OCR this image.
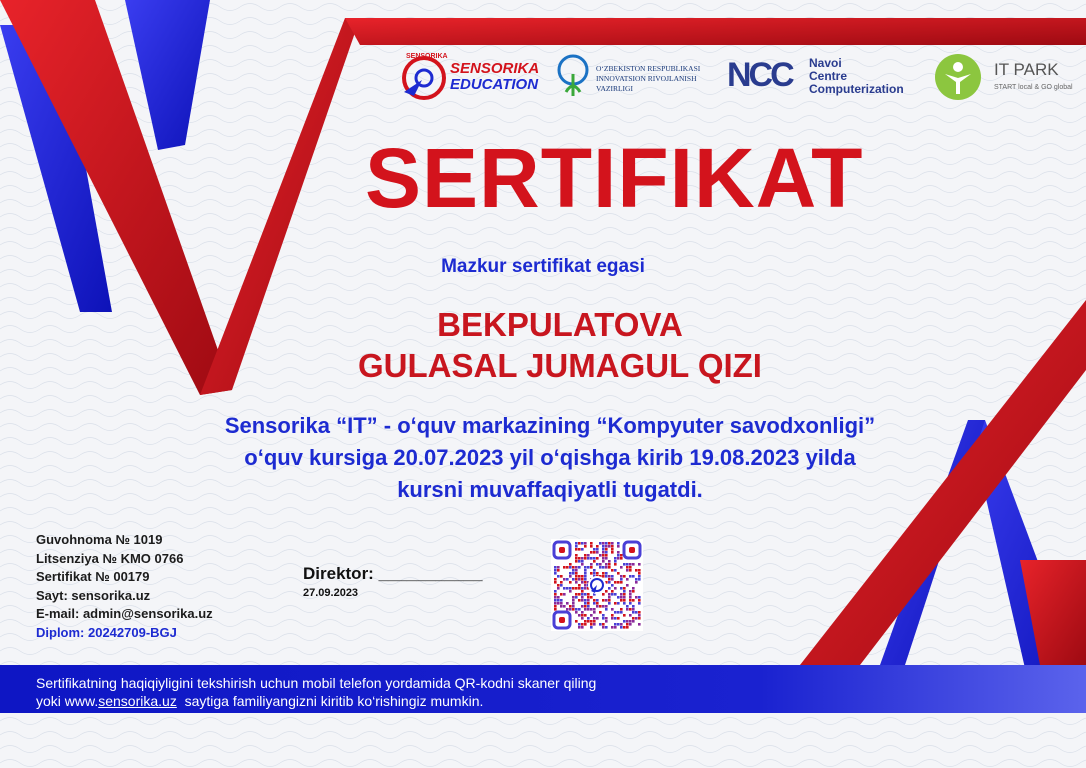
SENSORIKA
SENSORIKA
EDUCATION
O‘ZBEKISTON RESPUBLIKASI
INNOVATSION RIVOJLANISH
VAZIRLIGI	NCC Navoi
Centre
Computerization
IT PARK
START local & GO global
SERTIFIKAT
Mazkur sertifikat egasi
BEKPULATOVA
GULASAL JUMAGUL QIZI
Sensorika “IT” - o‘quv markazining “Kompyuter savodxonligi”
o‘quv kursiga 20.07.2023 yil o‘qishga kirib 19.08.2023 yilda
kursni muvaffaqiyatli tugatdi.
Guvohnoma № 1019
Litsenziya № KMO 0766
Sertifikat № 00179
Sayt: sensorika.uz
E-mail: admin@sensorika.uz
Diplom: 20242709-BGJ
Direktor: ___________
27.09.2023
Sertifikatning haqiqiyligini tekshirish uchun mobil telefon yordamida QR-kodni skaner qiling
yoki www.sensorika.uz  saytiga familiyangizni kiritib ko‘rishingiz mumkin.
